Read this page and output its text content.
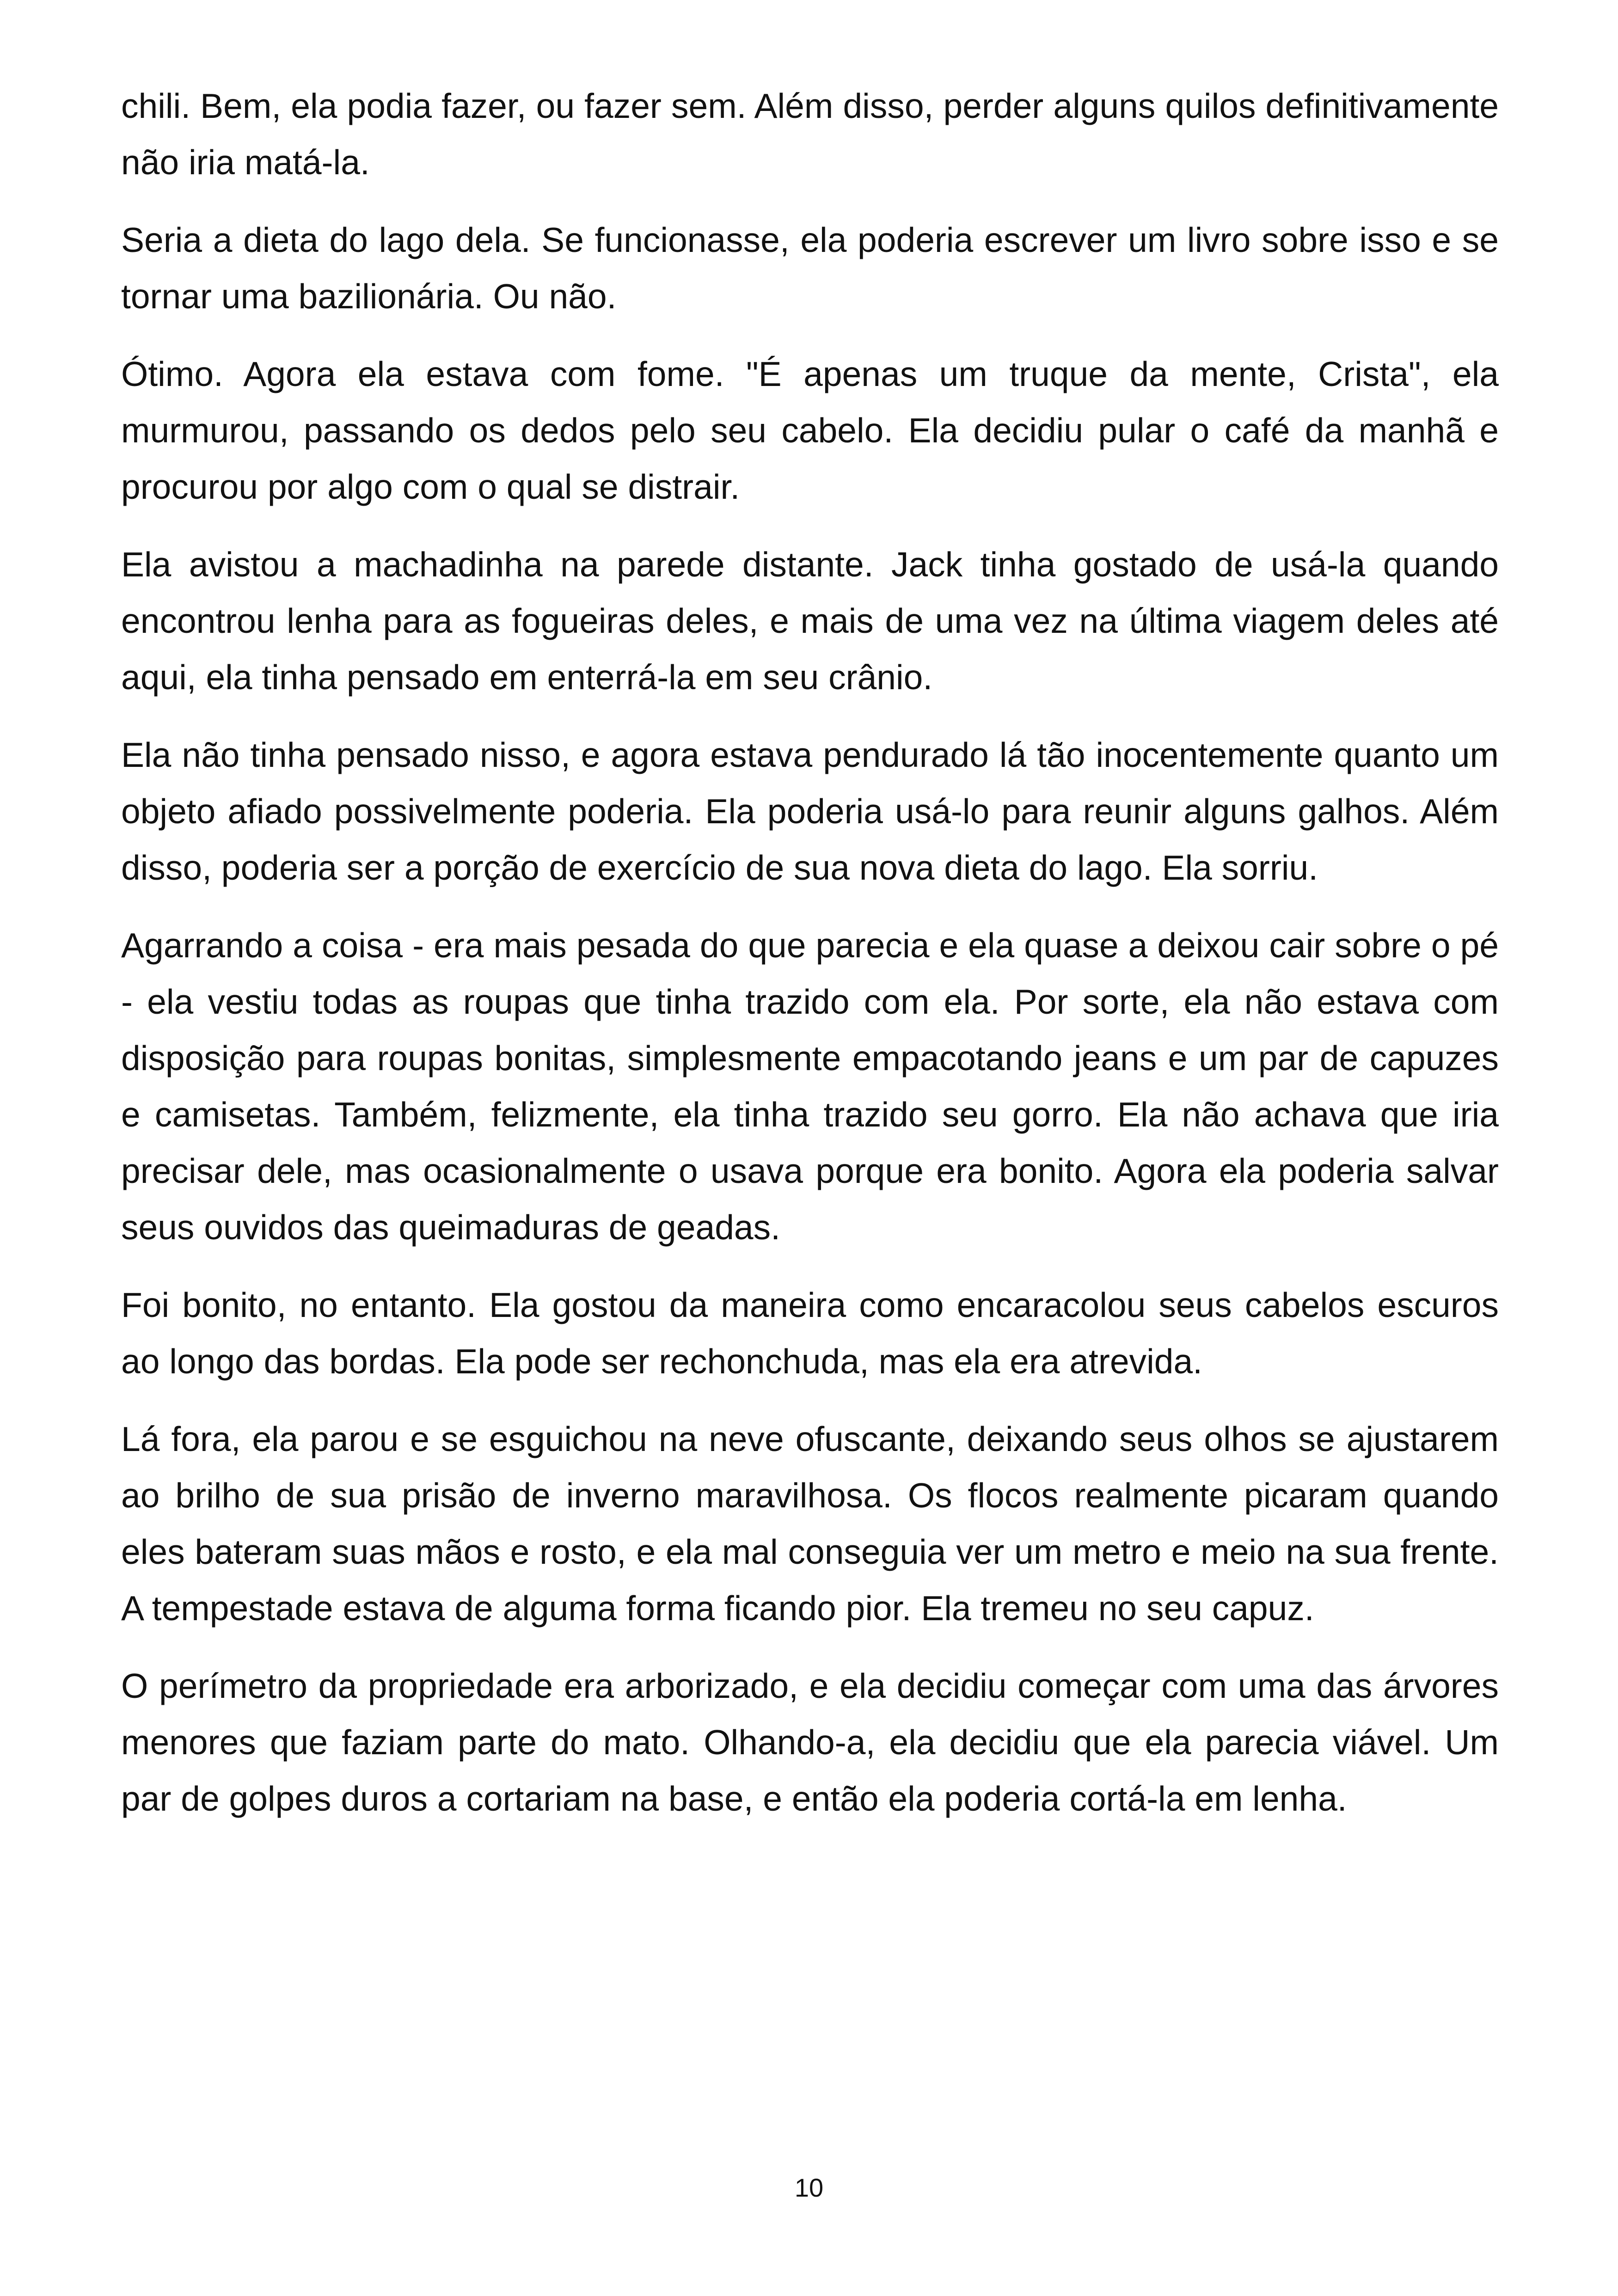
chili. Bem, ela podia fazer, ou fazer sem. Além disso, perder alguns quilos definitivamente não iria matá-la.

Seria a dieta do lago dela. Se funcionasse, ela poderia escrever um livro sobre isso e se tornar uma bazilionária. Ou não.

Ótimo. Agora ela estava com fome. "É apenas um truque da mente, Crista", ela murmurou, passando os dedos pelo seu cabelo. Ela decidiu pular o café da manhã e procurou por algo com o qual se distrair.

Ela avistou a machadinha na parede distante. Jack tinha gostado de usá-la quando encontrou lenha para as fogueiras deles, e mais de uma vez na última viagem deles até aqui, ela tinha pensado em enterrá-la em seu crânio.

Ela não tinha pensado nisso, e agora estava pendurado lá tão inocentemente quanto um objeto afiado possivelmente poderia. Ela poderia usá-lo para reunir alguns galhos. Além disso, poderia ser a porção de exercício de sua nova dieta do lago. Ela sorriu.

Agarrando a coisa - era mais pesada do que parecia e ela quase a deixou cair sobre o pé - ela vestiu todas as roupas que tinha trazido com ela. Por sorte, ela não estava com disposição para roupas bonitas, simplesmente empacotando jeans e um par de capuzes e camisetas. Também, felizmente, ela tinha trazido seu gorro. Ela não achava que iria precisar dele, mas ocasionalmente o usava porque era bonito. Agora ela poderia salvar seus ouvidos das queimaduras de geadas.

Foi bonito, no entanto. Ela gostou da maneira como encaracolou seus cabelos escuros ao longo das bordas. Ela pode ser rechonchuda, mas ela era atrevida.

Lá fora, ela parou e se esguichou na neve ofuscante, deixando seus olhos se ajustarem ao brilho de sua prisão de inverno maravilhosa. Os flocos realmente picaram quando eles bateram suas mãos e rosto, e ela mal conseguia ver um metro e meio na sua frente. A tempestade estava de alguma forma ficando pior. Ela tremeu no seu capuz.

O perímetro da propriedade era arborizado, e ela decidiu começar com uma das árvores menores que faziam parte do mato. Olhando-a, ela decidiu que ela parecia viável. Um par de golpes duros a cortariam na base, e então ela poderia cortá-la em lenha.

10
